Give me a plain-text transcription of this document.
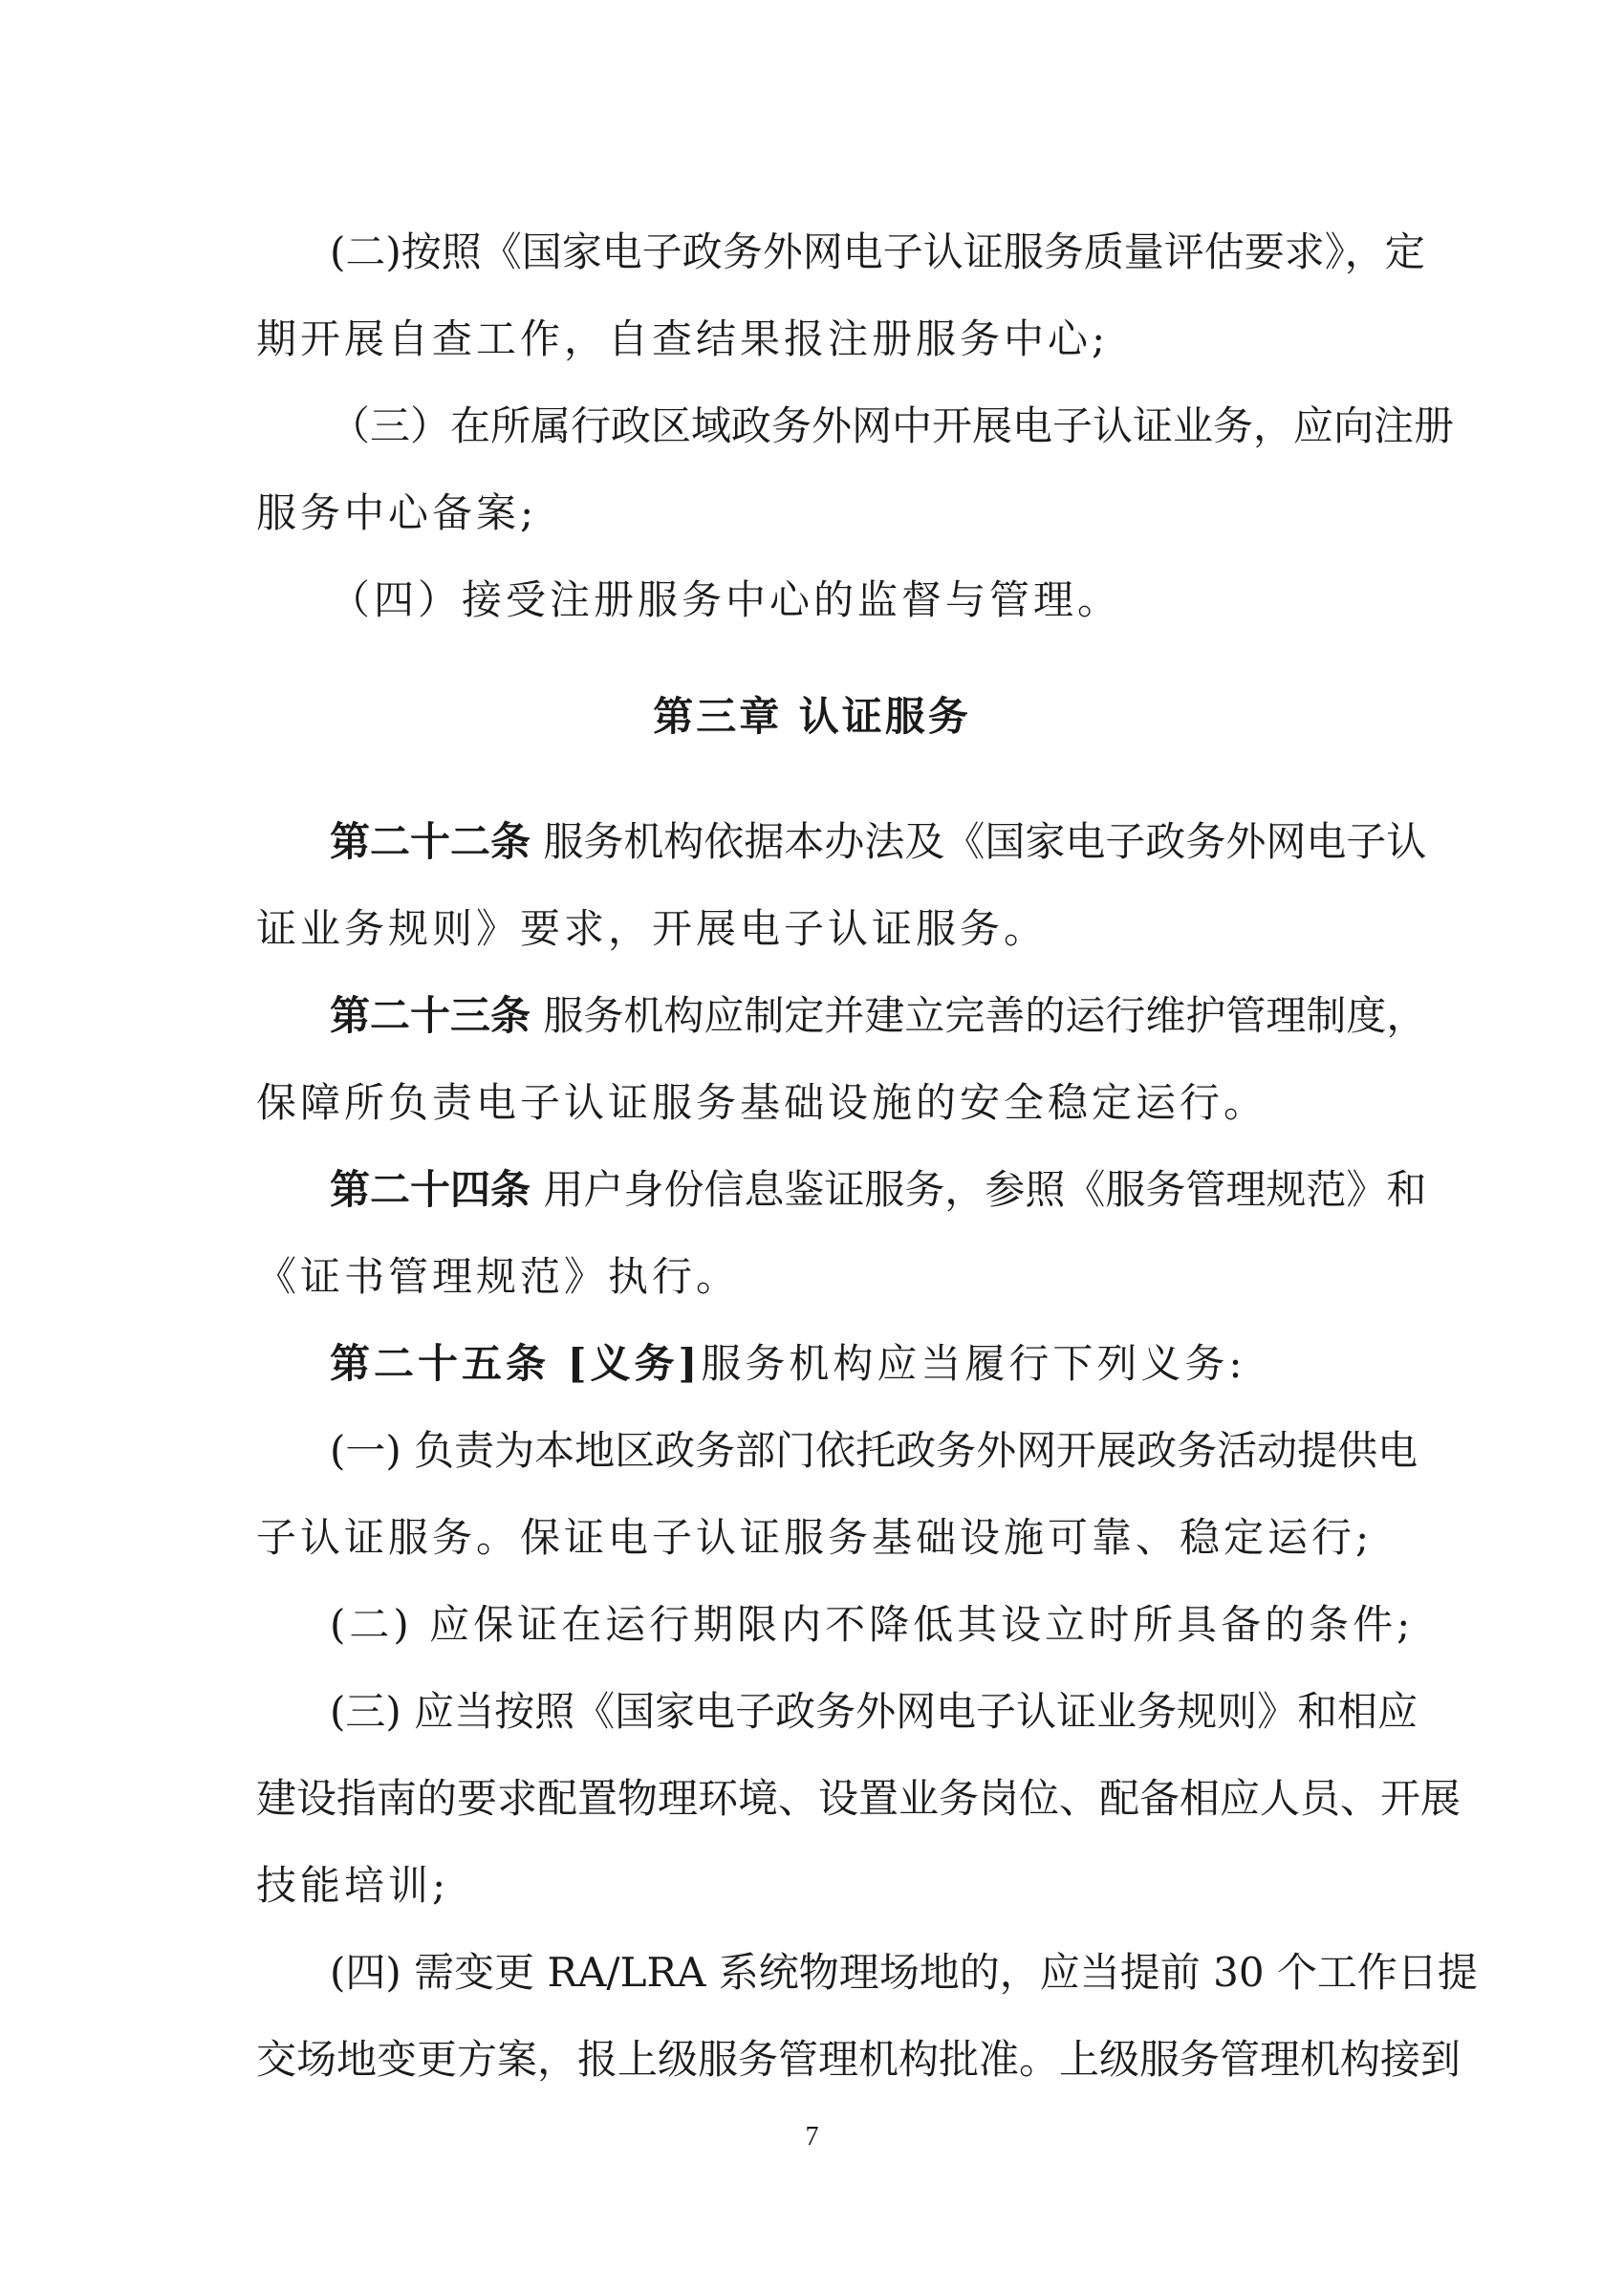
(二)按照《国家电子政务外网电子认证服务质量评估要求》，定
期开展自查工作，自查结果报注册服务中心;
（三）在所属行政区域政务外网中开展电子认证业务，应向注册
服务中心备案;
（四）接受注册服务中心的监督与管理。
第三章 认证服务
第二十二条 服务机构依据本办法及《国家电子政务外网电子认
证业务规则》要求，开展电子认证服务。
第二十三条 服务机构应制定并建立完善的运行维护管理制度，
保障所负责电子认证服务基础设施的安全稳定运行。
第二十四条 用户身份信息鉴证服务，参照《服务管理规范》和
《证书管理规范》执行。
第二十五条 [义务]服务机构应当履行下列义务:
(一) 负责为本地区政务部门依托政务外网开展政务活动提供电
子认证服务。保证电子认证服务基础设施可靠、稳定运行;
(二) 应保证在运行期限内不降低其设立时所具备的条件;
(三) 应当按照《国家电子政务外网电子认证业务规则》和相应
建设指南的要求配置物理环境、设置业务岗位、配备相应人员、开展
技能培训;
(四) 需变更 RA/LRA 系统物理场地的，应当提前 30 个工作日提
交场地变更方案，报上级服务管理机构批准。上级服务管理机构接到
7
